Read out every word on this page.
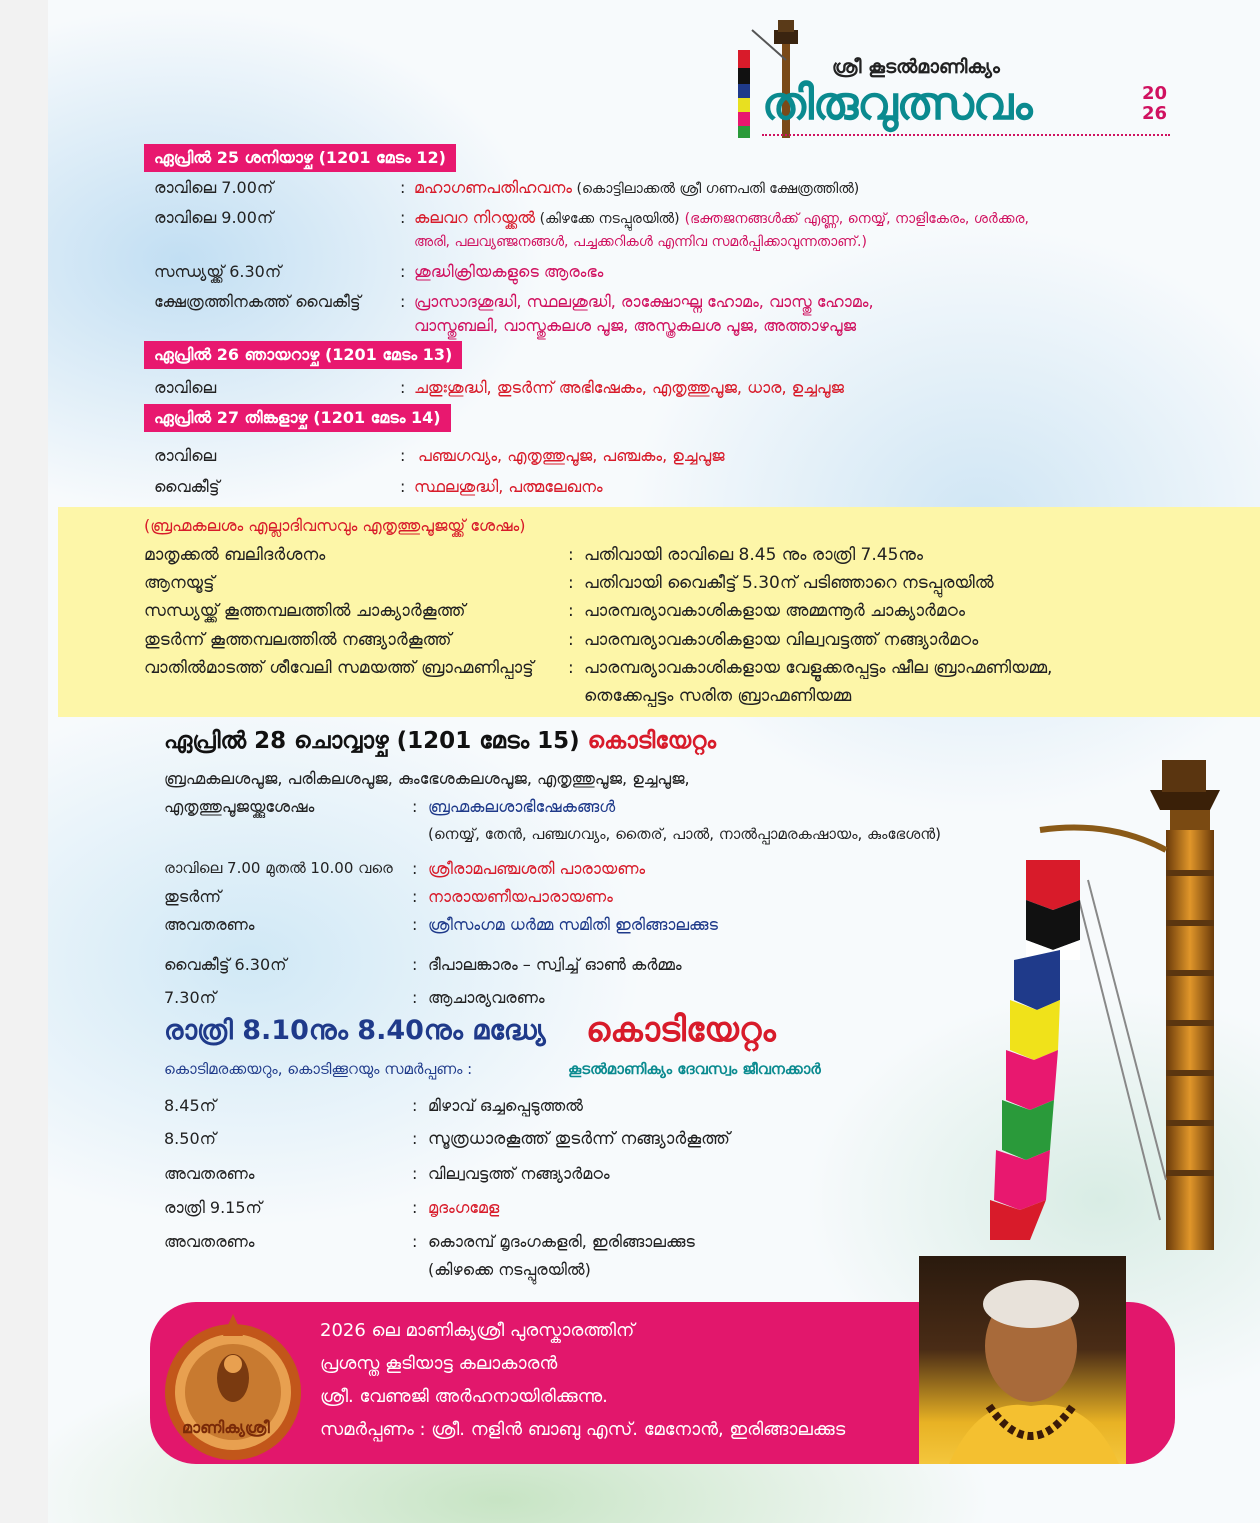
ശ്രീ കൂടൽമാണിക്യം
തിരുവുത്സവം	20
26
ഏപ്രിൽ 25 ശനിയാഴ്ച (1201 മേടം 12)
രാവിലെ 7.00ന്	: മഹാഗണപതിഹവനം (കൊട്ടിലാക്കൽ ശ്രീ ഗണപതി ക്ഷേത്രത്തിൽ)
രാവിലെ 9.00ന്	: കലവറ നിറയ്ക്കൽ (കിഴക്കേ നടപ്പുരയിൽ) (ഭക്തജനങ്ങൾക്ക് എണ്ണ, നെയ്യ്, നാളികേരം, ശർക്കര,
അരി, പലവ്യഞ്ജനങ്ങൾ, പച്ചക്കറികൾ എന്നിവ സമർപ്പിക്കാവുന്നതാണ്.)
സന്ധ്യയ്ക്ക് 6.30ന്	: ശുദ്ധിക്രിയകളുടെ ആരംഭം
ക്ഷേത്രത്തിനകത്ത് വൈകീട്ട് : പ്രാസാദശുദ്ധി, സ്ഥലശുദ്ധി, രാക്ഷോഘ്ന ഹോമം, വാസ്തു ഹോമം,
വാസ്തുബലി, വാസ്തുകലശ പൂജ, അസ്ത്രകലശ പൂജ, അത്താഴപൂജ
ഏപ്രിൽ 26 ഞായറാഴ്ച (1201 മേടം 13)
രാവിലെ	: ചതുഃശുദ്ധി, തുടർന്ന് അഭിഷേകം, എതൃത്തുപൂജ, ധാര, ഉച്ചപൂജ
ഏപ്രിൽ 27 തിങ്കളാഴ്ച (1201 മേടം 14)
രാവിലെ	: പഞ്ചഗവ്യം, എതൃത്തുപൂജ, പഞ്ചകം, ഉച്ചപൂജ
വൈകീട്ട്	: സ്ഥലശുദ്ധി, പത്മലേഖനം
(ബ്രഹ്മകലശം എല്ലാദിവസവും എതൃത്തുപൂജയ്ക്ക് ശേഷം)
മാതൃക്കൽ ബലിദർശനം	: പതിവായി രാവിലെ 8.45 നും രാത്രി 7.45നും
ആനയൂട്ട്	: പതിവായി വൈകീട്ട് 5.30ന് പടിഞ്ഞാറെ നടപ്പുരയിൽ
സന്ധ്യയ്ക്ക് കൂത്തമ്പലത്തിൽ ചാക്യാർകൂത്ത്	: പാരമ്പര്യാവകാശികളായ അമ്മന്നൂർ ചാക്യാർമഠം
തുടർന്ന് കൂത്തമ്പലത്തിൽ നങ്ങ്യാർകൂത്ത്	: പാരമ്പര്യാവകാശികളായ വില്വവട്ടത്ത് നങ്ങ്യാർമഠം
വാതിൽമാടത്ത് ശീവേലി സമയത്ത് ബ്രാഹ്മണിപ്പാട്ട് : പാരമ്പര്യാവകാശികളായ വേളൂക്കരപ്പട്ടം ഷീല ബ്രാഹ്മണിയമ്മ,
തെക്കേപ്പട്ടം സരിത ബ്രാഹ്മണിയമ്മ
ഏപ്രിൽ 28 ചൊവ്വാഴ്ച (1201 മേടം 15) കൊടിയേറ്റം
ബ്രഹ്മകലശപൂജ, പരികലശപൂജ, കുംഭേശകലശപൂജ, എതൃത്തുപൂജ, ഉച്ചപൂജ,
എതൃത്തുപൂജയ്ക്കുശേഷം	: ബ്രഹ്മകലശാഭിഷേകങ്ങൾ
(നെയ്യ്, തേൻ, പഞ്ചഗവ്യം, തൈര്, പാൽ, നാൽപ്പാമരകഷായം, കുംഭേശൻ)
രാവിലെ 7.00 മുതൽ 10.00 വരെ : ശ്രീരാമപഞ്ചശതി പാരായണം
തുടർന്ന്	: നാരായണീയപാരായണം
അവതരണം	: ശ്രീസംഗമ ധർമ്മ സമിതി ഇരിങ്ങാലക്കുട
വൈകീട്ട് 6.30ന്	: ദീപാലങ്കാരം – സ്വിച്ച് ഓൺ കർമ്മം
7.30ന്	: ആചാര്യവരണം
രാത്രി 8.10നും 8.40നും മദ്ധ്യേ കൊടിയേറ്റം
കൊടിമരക്കയറും, കൊടിക്കൂറയും സമർപ്പണം :	കൂടൽമാണിക്യം ദേവസ്വം ജീവനക്കാർ
8.45ന്	: മിഴാവ് ഒച്ചപ്പെടുത്തൽ
8.50ന്	: സൂത്രധാരകൂത്ത് തുടർന്ന് നങ്ങ്യാർകൂത്ത്
അവതരണം	: വില്വവട്ടത്ത് നങ്ങ്യാർമഠം
രാത്രി 9.15ന്	: മൃദംഗമേള
അവതരണം	: കൊരമ്പ് മൃദംഗകളരി, ഇരിങ്ങാലക്കുട
(കിഴക്കെ നടപ്പുരയിൽ)
മാണിക്യശ്രീ
2026 ലെ മാണിക്യശ്രീ പുരസ്കാരത്തിന്
പ്രശസ്ത കൂടിയാട്ട കലാകാരൻ
ശ്രീ. വേണുജി അർഹനായിരിക്കുന്നു.
സമർപ്പണം : ശ്രീ. നളിൻ ബാബു എസ്. മേനോൻ, ഇരിങ്ങാലക്കുട
